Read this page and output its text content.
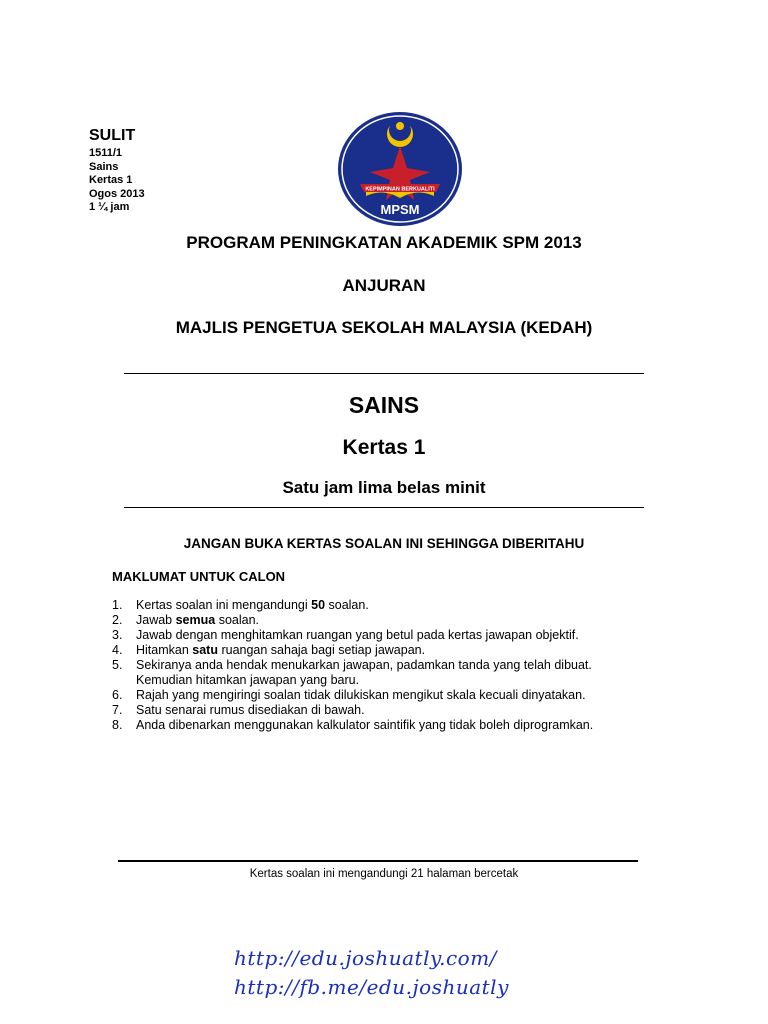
SULIT
1511/1
Sains
Kertas 1
Ogos 2013
1 ¼ jam
KEPIMPINAN BERKUALITI
MPSM
PROGRAM PENINGKATAN AKADEMIK SPM 2013
ANJURAN
MAJLIS PENGETUA SEKOLAH MALAYSIA (KEDAH)
SAINS
Kertas 1
Satu jam lima belas minit
JANGAN BUKA KERTAS SOALAN INI SEHINGGA DIBERITAHU
MAKLUMAT UNTUK CALON
1. Kertas soalan ini mengandungi 50 soalan.
2. Jawab semua soalan.
3. Jawab dengan menghitamkan ruangan yang betul pada kertas jawapan objektif.
4. Hitamkan satu ruangan sahaja bagi setiap jawapan.
5. Sekiranya anda hendak menukarkan jawapan, padamkan tanda yang telah dibuat.
Kemudian hitamkan jawapan yang baru.
6. Rajah yang mengiringi soalan tidak dilukiskan mengikut skala kecuali dinyatakan.
7. Satu senarai rumus disediakan di bawah.
8. Anda dibenarkan menggunakan kalkulator saintifik yang tidak boleh diprogramkan.
Kertas soalan ini mengandungi 21 halaman bercetak
http://edu.joshuatly.com/
http://fb.me/edu.joshuatly
